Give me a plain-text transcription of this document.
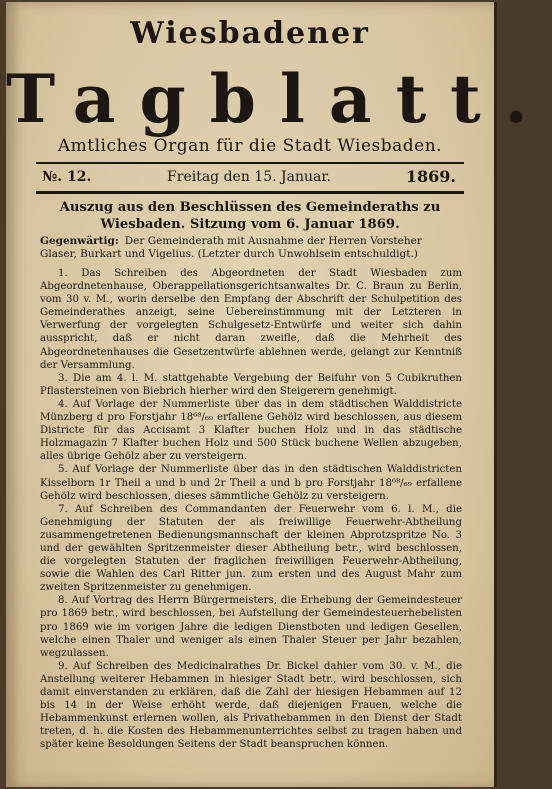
Wiesbadener
Tagblatt.
Amtliches Organ für die Stadt Wiesbaden.
№. 12.	Freitag den 15. Januar.	1869.
Auszug aus den Beschlüssen des Gemeinderaths zu Wiesbaden. Sitzung vom 6. Januar 1869.
Gegenwärtig: Der Gemeinderath mit Ausnahme der Herren Vorsteher Glaser, Burkart und Vigelius. (Letzter durch Unwohlsein entschuldigt.)

1. Das Schreiben des Abgeordneten der Stadt Wiesbaden zum Abgeordnetenhause, Oberappellationsgerichtsanwaltes Dr. C. Braun zu Berlin, vom 30 v. M., worin derselbe den Empfang der Abschrift der Schulpetition des Gemeinderathes anzeigt, seine Uebereinstimmung mit der Letzteren in Verwerfung der vorgelegten Schulgesetz-Entwürfe und weiter sich dahin ausspricht, daß er nicht daran zweifle, daß die Mehrheit des Abgeordnetenhauses die Gesetzentwürfe ablehnen werde, gelangt zur Kenntniß der Versammlung.

3. Die am 4. l. M. stattgehabte Vergebung der Beifuhr von 5 Cubikruthen Pflastersteinen von Biebrich hierher wird den Steigerern genehmigt.

4. Auf Vorlage der Nummerliste über das in dem städtischen Walddistricte Münzberg d pro Forstjahr 18⁶⁸/₆₉ erfallene Gehölz wird beschlossen, aus diesem Districte für das Accisamt 3 Klafter buchen Holz und in das städtische Holzmagazin 7 Klafter buchen Holz und 500 Stück buchene Wellen abzugeben, alles übrige Gehölz aber zu versteigern.

5. Auf Vorlage der Nummerliste über das in den städtischen Walddistricten Kisselborn 1r Theil a und b und 2r Theil a und b pro Forstjahr 18⁶⁸/₆₉ erfallene Gehölz wird beschlossen, dieses sämmtliche Gehölz zu versteigern.

7. Auf Schreiben des Commandanten der Feuerwehr vom 6. l. M., die Genehmigung der Statuten der als freiwillige Feuerwehr-Abtheilung zusammengetretenen Bedienungsmannschaft der kleinen Abprotzspritze No. 3 und der gewählten Spritzenmeister dieser Abtheilung betr., wird beschlossen, die vorgelegten Statuten der fraglichen freiwilligen Feuerwehr-Abtheilung, sowie die Wahlen des Carl Ritter jun. zum ersten und des August Mahr zum zweiten Spritzenmeister zu genehmigen.

8. Auf Vortrag des Herrn Bürgermeisters, die Erhebung der Gemeindesteuer pro 1869 betr., wird beschlossen, bei Aufstellung der Gemeindesteuerhebelisten pro 1869 wie im vorigen Jahre die ledigen Dienstboten und ledigen Gesellen, welche einen Thaler und weniger als einen Thaler Steuer per Jahr bezahlen, wegzulassen.

9. Auf Schreiben des Medicinalrathes Dr. Bickel dahier vom 30. v. M., die Anstellung weiterer Hebammen in hiesiger Stadt betr., wird beschlossen, sich damit einverstanden zu erklären, daß die Zahl der hiesigen Hebammen auf 12 bis 14 in der Weise erhöht werde, daß diejenigen Frauen, welche die Hebammenkunst erlernen wollen, als Privathebammen in den Dienst der Stadt treten, d. h. die Kosten des Hebammenunterrichtes selbst zu tragen haben und später keine Besoldungen Seitens der Stadt beanspruchen können.
